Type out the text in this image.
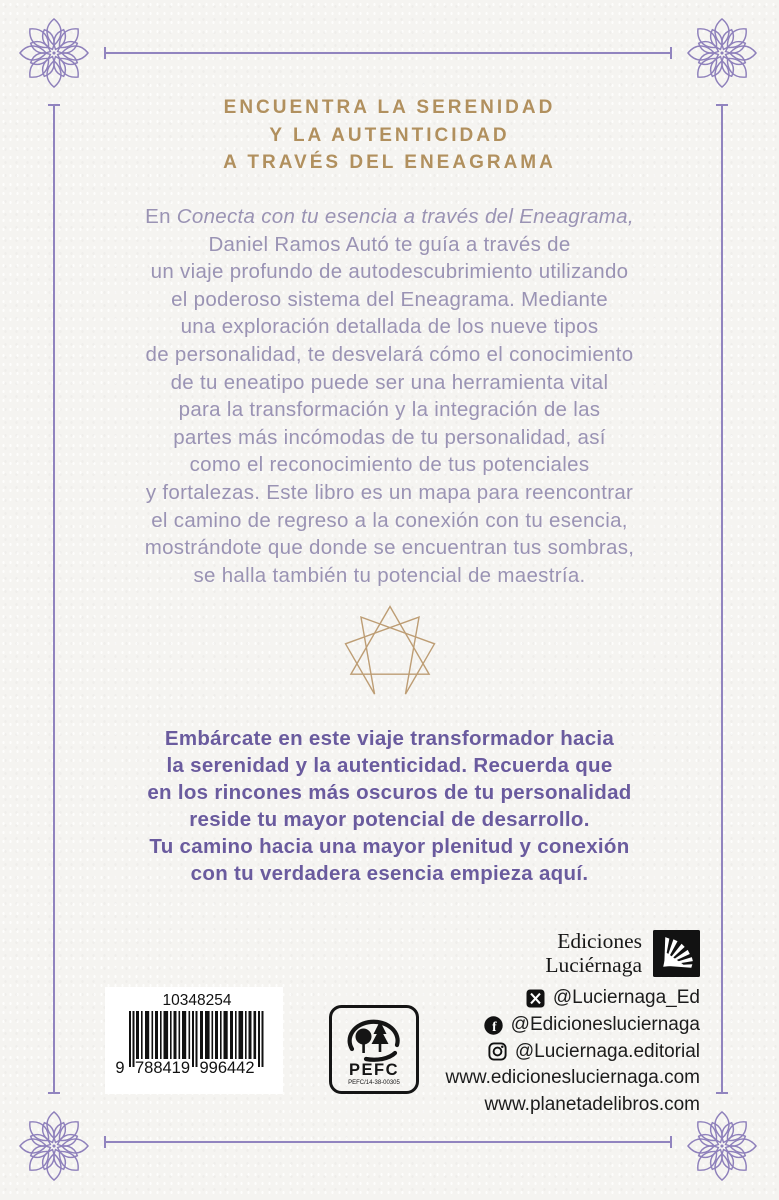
ENCUENTRA LA SERENIDAD
Y LA AUTENTICIDAD
A TRAVÉS DEL ENEAGRAMA
En Conecta con tu esencia a través del Eneagrama,
Daniel Ramos Autó te guía a través de
un viaje profundo de autodescubrimiento utilizando
el poderoso sistema del Eneagrama. Mediante
una exploración detallada de los nueve tipos
de personalidad, te desvelará cómo el conocimiento
de tu eneatipo puede ser una herramienta vital
para la transformación y la integración de las
partes más incómodas de tu personalidad, así
como el reconocimiento de tus potenciales
y fortalezas. Este libro es un mapa para reencontrar
el camino de regreso a la conexión con tu esencia,
mostrándote que donde se encuentran tus sombras,
se halla también tu potencial de maestría.
Embárcate en este viaje transformador hacia
la serenidad y la autenticidad. Recuerda que
en los rincones más oscuros de tu personalidad
reside tu mayor potencial de desarrollo.
Tu camino hacia una mayor plenitud y conexión
con tu verdadera esencia empieza aquí.
Ediciones
Luciérnaga
@Luciernaga_Ed
f @Edicionesluciernaga
@Luciernaga.editorial
www.edicionesluciernaga.com
www.planetadelibros.com
10348254
9 788419 996442	PEFC
PEFC/14-38-00305
